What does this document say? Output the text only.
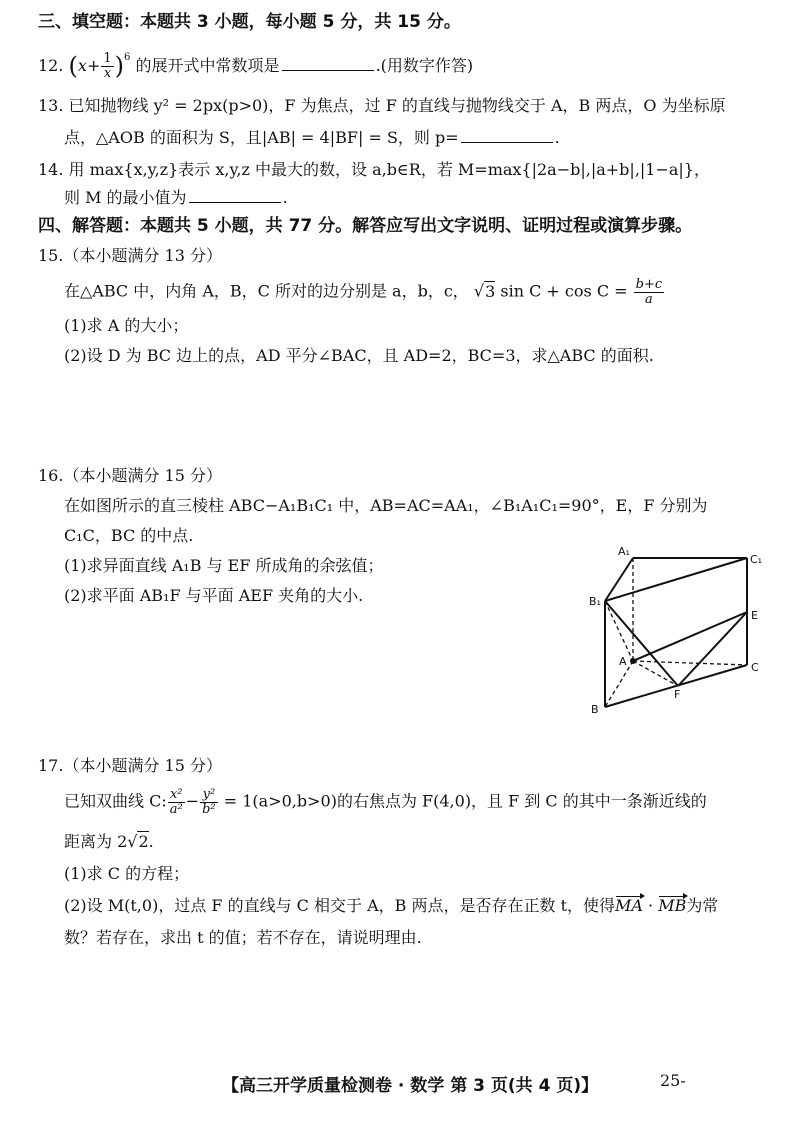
三、填空题：本题共 3 小题，每小题 5 分，共 15 分。
12. $(x+ \frac{1}{x} )^6$ 的展开式中常数项是	.(用数字作答)
13. 已知抛物线 y² = 2px(p>0)，F 为焦点，过 F 的直线与抛物线交于 A，B 两点，O 为坐标原
点，△AOB 的面积为 S，且|AB| = 4|BF| = S，则 p=	.
14. 用 max{x,y,z}表示 x,y,z 中最大的数，设 a,b∈R，若 M=max{|2a−b|,|a+b|,|1−a|}，
则 M 的最小值为	.
四、解答题：本题共 5 小题，共 77 分。解答应写出文字说明、证明过程或演算步骤。
15.（本小题满分 13 分）
在△ABC 中，内角 A，B，C 所对的边分别是 a，b，c， √3 $\sin C + \cos C = \frac{b+c}{a}$
(1)求 A 的大小；
(2)设 D 为 BC 边上的点，AD 平分∠BAC，且 AD=2，BC=3，求△ABC 的面积.
16.（本小题满分 15 分）
在如图所示的直三棱柱 ABC−A₁B₁C₁ 中，AB=AC=AA₁，∠B₁A₁C₁=90°，E，F 分别为
C₁C，BC 的中点.
(1)求异面直线 A₁B 与 EF 所成角的余弦值；
(2)求平面 AB₁F 与平面 AEF 夹角的大小.
A₁
C₁
B₁
E
A	C
F
B
17.（本小题满分 15 分）
已知双曲线 C: $\frac{\text{x²}}{\text{a²}} - \frac{\text{y²}}{\text{b²}} = 1(a>0,b>0)$的右焦点为 F(4,0)，且 F 到 C 的其中一条渐近线的
距离为 2√2.
(1)求 C 的方程；
(2)设 M(t,0)，过点 F 的直线与 C 相交于 A，B 两点，是否存在正数 t，使得MA · MB为常
数？若存在，求出 t 的值；若不存在，请说明理由.
【高三开学质量检测卷 · 数学 第 3 页(共 4 页)】	25-
